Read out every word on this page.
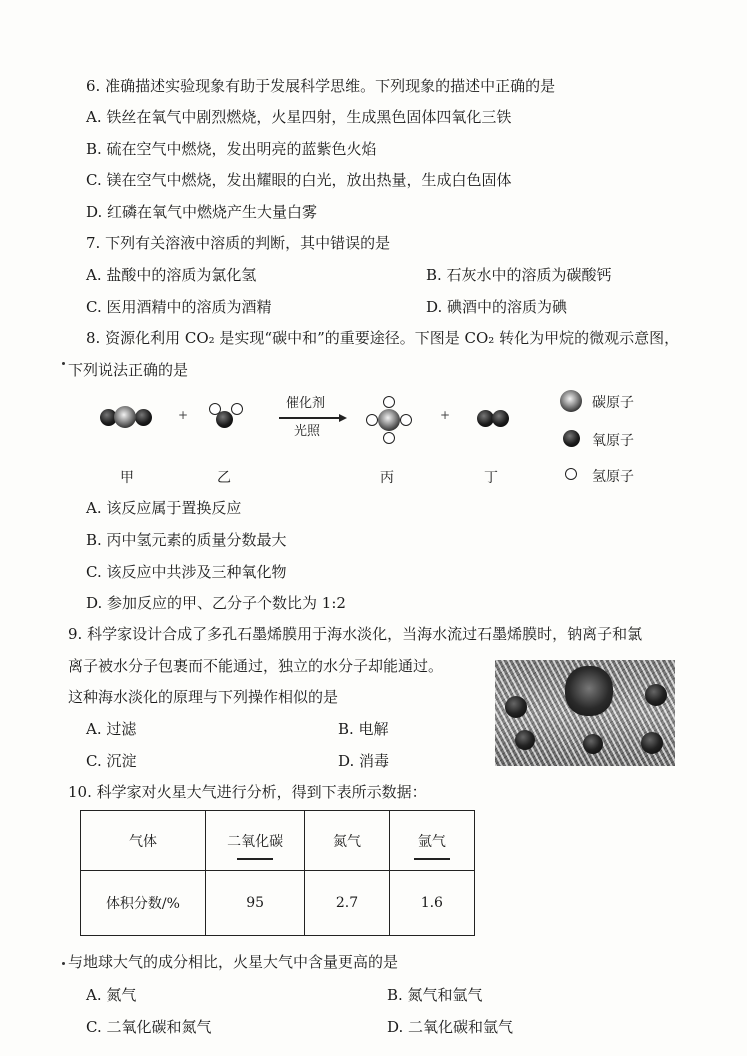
6. 准确描述实验现象有助于发展科学思维。下列现象的描述中正确的是
A. 铁丝在氧气中剧烈燃烧，火星四射，生成黑色固体四氧化三铁
B. 硫在空气中燃烧，发出明亮的蓝紫色火焰
C. 镁在空气中燃烧，发出耀眼的白光，放出热量，生成白色固体
D. 红磷在氧气中燃烧产生大量白雾
7. 下列有关溶液中溶质的判断，其中错误的是
A. 盐酸中的溶质为氯化氢	B. 石灰水中的溶质为碳酸钙
C. 医用酒精中的溶质为酒精	D. 碘酒中的溶质为碘
8. 资源化利用 CO₂ 是实现“碳中和”的重要途径。下图是 CO₂ 转化为甲烷的微观示意图，
下列说法正确的是
+
催化剂
光照
+
甲	乙	丙	丁
碳原子
氧原子
氢原子
A. 该反应属于置换反应
B. 丙中氢元素的质量分数最大
C. 该反应中共涉及三种氧化物
D. 参加反应的甲、乙分子个数比为 1:2
9. 科学家设计合成了多孔石墨烯膜用于海水淡化，当海水流过石墨烯膜时，钠离子和氯
离子被水分子包裹而不能通过，独立的水分子却能通过。
这种海水淡化的原理与下列操作相似的是
A. 过滤	B. 电解
C. 沉淀	D. 消毒
10. 科学家对火星大气进行分析，得到下表所示数据：
气体	二氧化碳	氮气	氩气
体积分数/%	95	2.7	1.6
与地球大气的成分相比，火星大气中含量更高的是
A. 氮气	B. 氮气和氩气
C. 二氧化碳和氮气	D. 二氧化碳和氩气
